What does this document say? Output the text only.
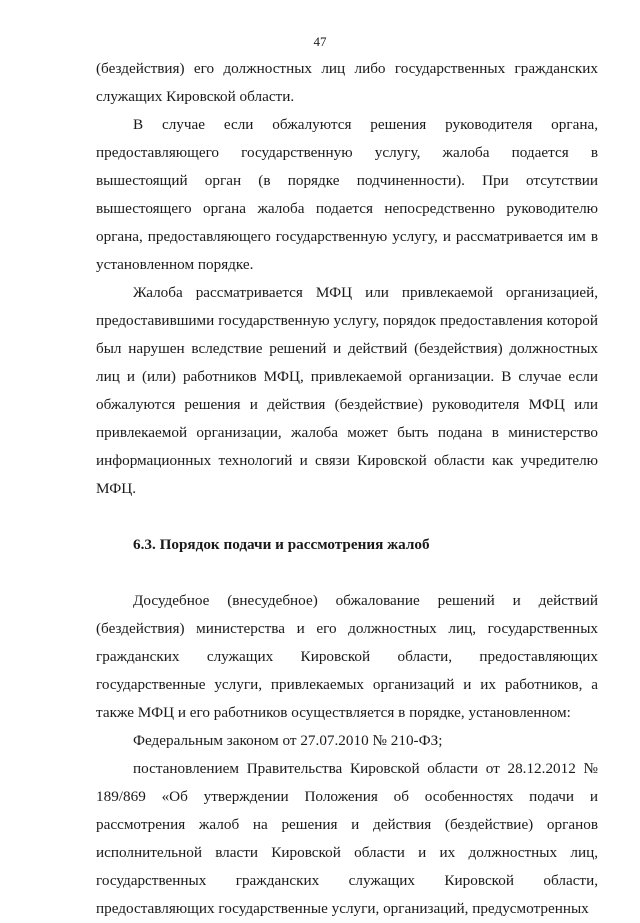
47

(бездействия) его должностных лиц либо государственных гражданских служащих Кировской области.

В случае если обжалуются решения руководителя органа, предоставляющего государственную услугу, жалоба подается в вышестоящий орган (в порядке подчиненности). При отсутствии вышестоящего органа жалоба подается непосредственно руководителю органа, предоставляющего государственную услугу, и рассматривается им в установленном порядке.

Жалоба рассматривается МФЦ или привлекаемой организацией, предоставившими государственную услугу, порядок предоставления которой был нарушен вследствие решений и действий (бездействия) должностных лиц и (или) работников МФЦ, привлекаемой организации. В случае если обжалуются решения и действия (бездействие) руководителя МФЦ или привлекаемой организации, жалоба может быть подана в министерство информационных технологий и связи Кировской области как учредителю МФЦ.

6.3. Порядок подачи и рассмотрения жалоб

Досудебное (внесудебное) обжалование решений и действий (бездействия) министерства и его должностных лиц, государственных гражданских служащих Кировской области, предоставляющих государственные услуги, привлекаемых организаций и их работников, а также МФЦ и его работников осуществляется в порядке, установленном:

Федеральным законом от 27.07.2010 № 210-ФЗ;

постановлением Правительства Кировской области от 28.12.2012 № 189/869 «Об утверждении Положения об особенностях подачи и рассмотрения жалоб на решения и действия (бездействие) органов исполнительной власти Кировской области и их должностных лиц, государственных гражданских служащих Кировской области, предоставляющих государственные услуги, организаций, предусмотренных
